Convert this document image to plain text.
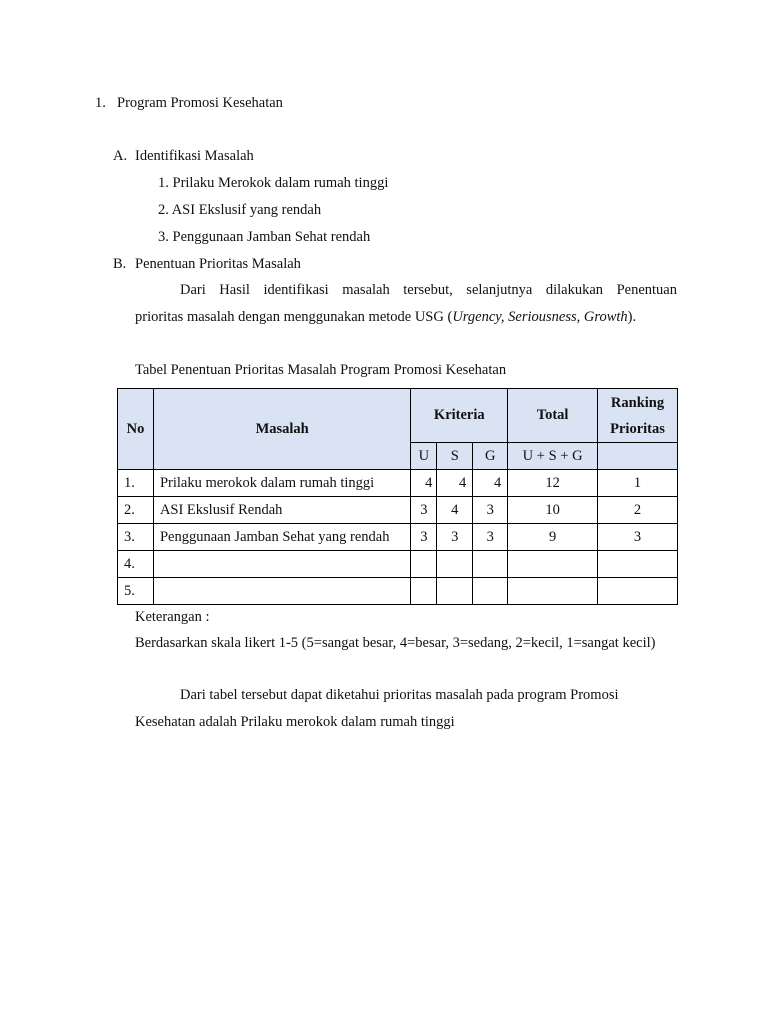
1. Program Promosi Kesehatan
A. Identifikasi Masalah
1. Prilaku Merokok dalam rumah tinggi
2. ASI Ekslusif yang rendah
3. Penggunaan Jamban Sehat rendah
B. Penentuan Prioritas Masalah
Dari Hasil identifikasi masalah tersebut, selanjutnya dilakukan Penentuan
prioritas masalah dengan menggunakan metode USG (Urgency, Seriousness, Growth).
Tabel Penentuan Prioritas Masalah Program Promosi Kesehatan
No	Masalah	Kriteria			Total	Ranking
Prioritas

		U	S	G	U + S + G	
1.	Prilaku merokok dalam rumah tinggi	4	4	4	12	1
2.	ASI Ekslusif Rendah	3	4	3	10	2
3.	Penggunaan Jamban Sehat yang rendah	3	3	3	9	3
4.						
5.						
Keterangan :
Berdasarkan skala likert 1-5 (5=sangat besar, 4=besar, 3=sedang, 2=kecil, 1=sangat kecil)
Dari tabel tersebut dapat diketahui prioritas masalah pada program Promosi
Kesehatan adalah Prilaku merokok dalam rumah tinggi
